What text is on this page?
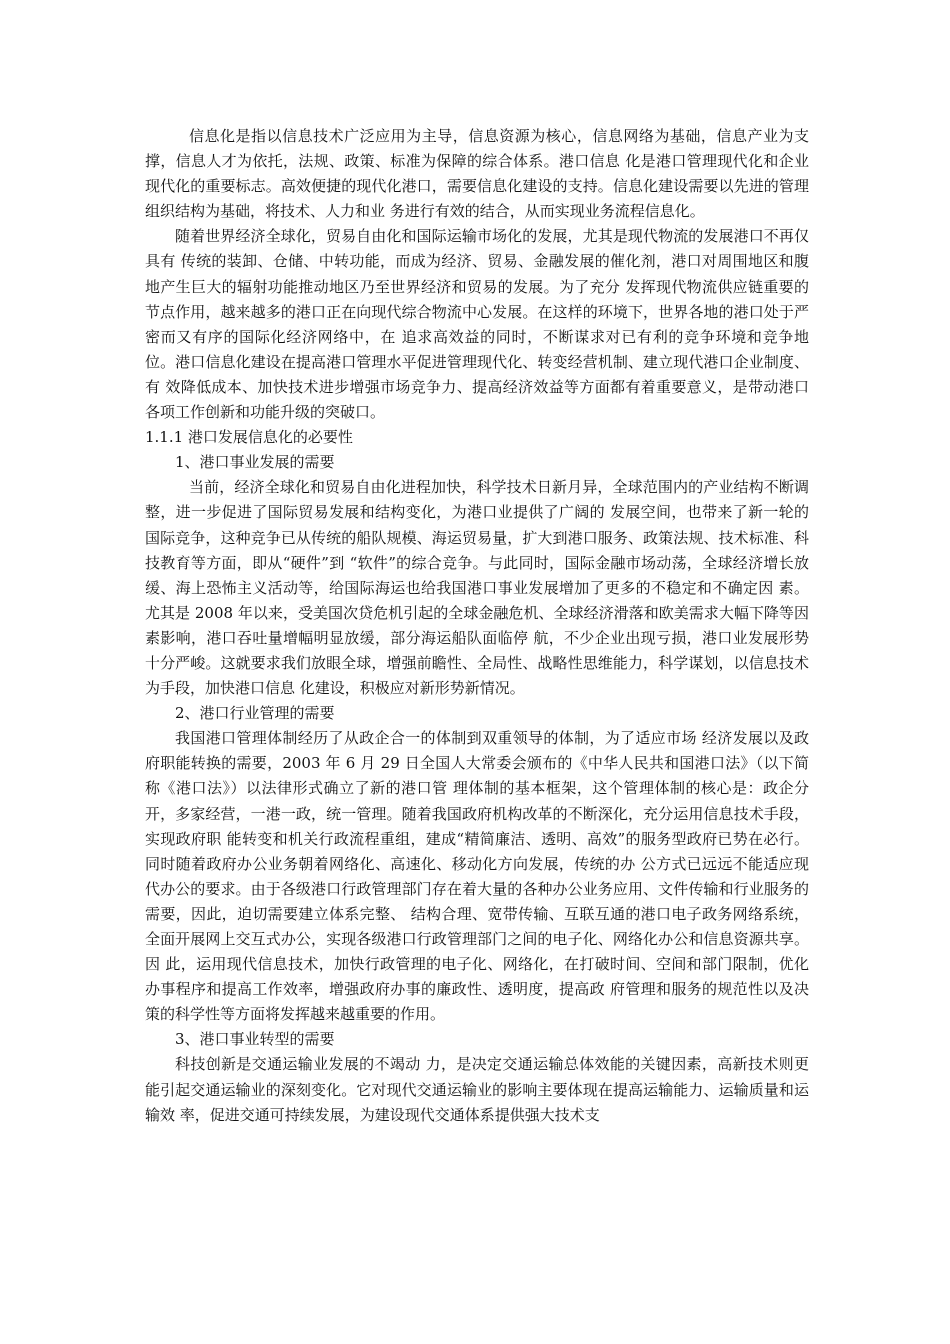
信息化是指以信息技术广泛应用为主导，信息资源为核心，信息网络为基础，信息产业为支撑，信息人才为依托，法规、政策、标准为保障的综合体系。港口信息 化是港口管理现代化和企业现代化的重要标志。高效便捷的现代化港口，需要信息化建设的支持。信息化建设需要以先进的管理组织结构为基础，将技术、人力和业 务进行有效的结合，从而实现业务流程信息化。

随着世界经济全球化，贸易自由化和国际运输市场化的发展，尤其是现代物流的发展港口不再仅具有 传统的装卸、仓储、中转功能，而成为经济、贸易、金融发展的催化剂，港口对周围地区和腹地产生巨大的辐射功能推动地区乃至世界经济和贸易的发展。为了充分 发挥现代物流供应链重要的节点作用，越来越多的港口正在向现代综合物流中心发展。在这样的环境下，世界各地的港口处于严密而又有序的国际化经济网络中，在 追求高效益的同时，不断谋求对已有利的竞争环境和竞争地位。港口信息化建设在提高港口管理水平促进管理现代化、转变经营机制、建立现代港口企业制度、有 效降低成本、加快技术进步增强市场竞争力、提高经济效益等方面都有着重要意义，是带动港口各项工作创新和功能升级的突破口。

1.1.1 港口发展信息化的必要性

1、港口事业发展的需要

当前，经济全球化和贸易自由化进程加快，科学技术日新月异，全球范围内的产业结构不断调整，进一步促进了国际贸易发展和结构变化，为港口业提供了广阔的 发展空间，也带来了新一轮的国际竞争，这种竞争已从传统的船队规模、海运贸易量，扩大到港口服务、政策法规、技术标准、科技教育等方面，即从“硬件”到 “软件”的综合竞争。与此同时，国际金融市场动荡，全球经济增长放缓、海上恐怖主义活动等，给国际海运也给我国港口事业发展增加了更多的不稳定和不确定因 素。尤其是 2008 年以来，受美国次贷危机引起的全球金融危机、全球经济滑落和欧美需求大幅下降等因素影响，港口吞吐量增幅明显放缓，部分海运船队面临停 航，不少企业出现亏损，港口业发展形势十分严峻。这就要求我们放眼全球，增强前瞻性、全局性、战略性思维能力，科学谋划，以信息技术为手段，加快港口信息 化建设，积极应对新形势新情况。

2、港口行业管理的需要

我国港口管理体制经历了从政企合一的体制到双重领导的体制，为了适应市场 经济发展以及政府职能转换的需要，2003 年 6 月 29 日全国人大常委会颁布的《中华人民共和国港口法》（以下简称《港口法》）以法律形式确立了新的港口管 理体制的基本框架，这个管理体制的核心是：政企分开，多家经营，一港一政，统一管理。随着我国政府机构改革的不断深化，充分运用信息技术手段，实现政府职 能转变和机关行政流程重组，建成“精简廉洁、透明、高效”的服务型政府已势在必行。同时随着政府办公业务朝着网络化、高速化、移动化方向发展，传统的办 公方式已远远不能适应现代办公的要求。由于各级港口行政管理部门存在着大量的各种办公业务应用、文件传输和行业服务的需要，因此，迫切需要建立体系完整、 结构合理、宽带传输、互联互通的港口电子政务网络系统，全面开展网上交互式办公，实现各级港口行政管理部门之间的电子化、网络化办公和信息资源共享。因 此，运用现代信息技术，加快行政管理的电子化、网络化，在打破时间、空间和部门限制，优化办事程序和提高工作效率，增强政府办事的廉政性、透明度，提高政 府管理和服务的规范性以及决策的科学性等方面将发挥越来越重要的作用。

3、港口事业转型的需要

科技创新是交通运输业发展的不竭动 力，是决定交通运输总体效能的关键因素，高新技术则更能引起交通运输业的深刻变化。它对现代交通运输业的影响主要体现在提高运输能力、运输质量和运输效 率，促进交通可持续发展，为建设现代交通体系提供强大技术支
